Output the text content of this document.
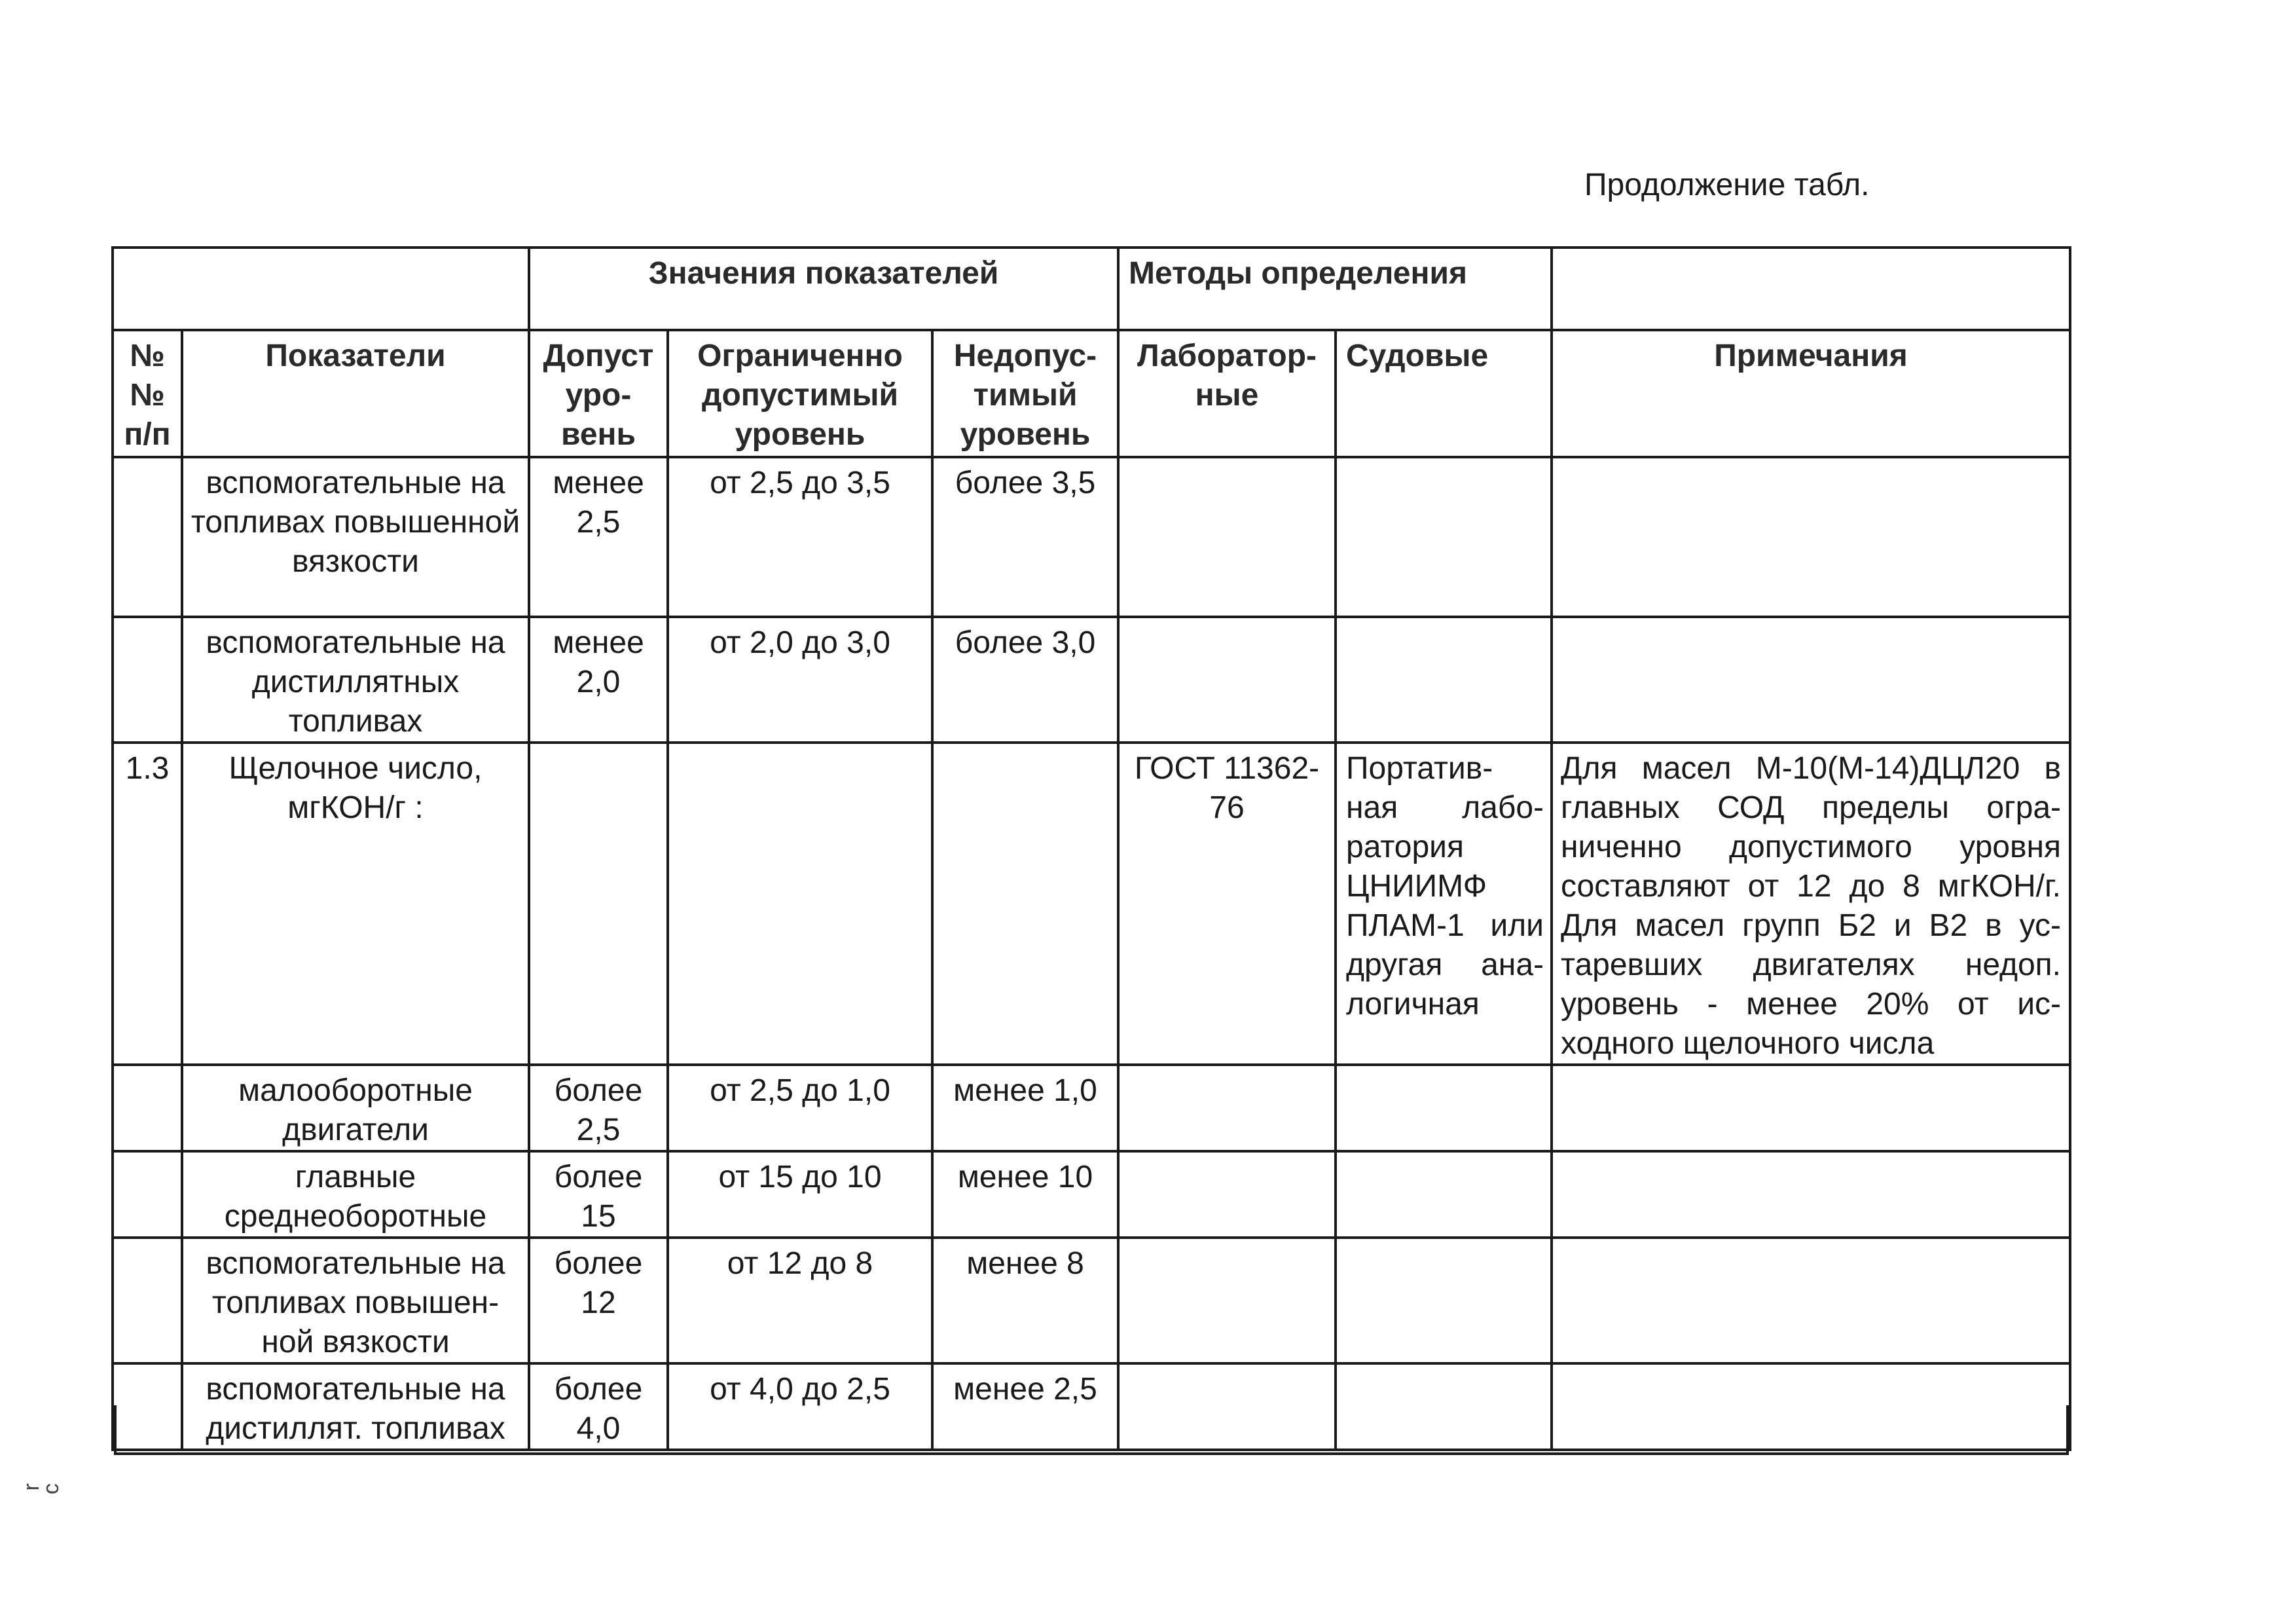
Продолжение табл.
		Значения показателей			Методы определения		
№ № п/п	Показатели	Допуст уро- вень	Ограниченно допустимый уровень	Недопус- тимый уровень	Лаборатор- ные	Судовые	Примечания
	вспомогательные на топливах повышенной вязкости	менее 2,5	от 2,5 до 3,5	более 3,5			
	вспомогательные на дистиллятных топливах	менее 2,0	от 2,0 до 3,0	более 3,0			
1.3	Щелочное число, мгКОН/г :				ГОСТ 11362-76	Портатив- ная лабо- ратория ЦНИИМФ ПЛАМ-1 или другая ана- логичная	Для масел М-10(М-14)ДЦЛ20 в главных СОД пределы огра- ниченно допустимого уровня составляют от 12 до 8 мгКОН/г. Для масел групп Б2 и В2 в ус- таревших двигателях недоп. уровень - менее 20% от ис- ходного щелочного числа
	малооборотные двигатели	более 2,5	от 2,5 до 1,0	менее 1,0			
	главные среднеоборотные	более 15	от 15 до 10	менее 10			
	вспомогательные на топливах повышен- ной вязкости	более 12	от 12 до 8	менее 8			
	вспомогательные на дистиллят. топливах	более 4,0	от 4,0 до 2,5	менее 2,5			
ɔ
ɹ
